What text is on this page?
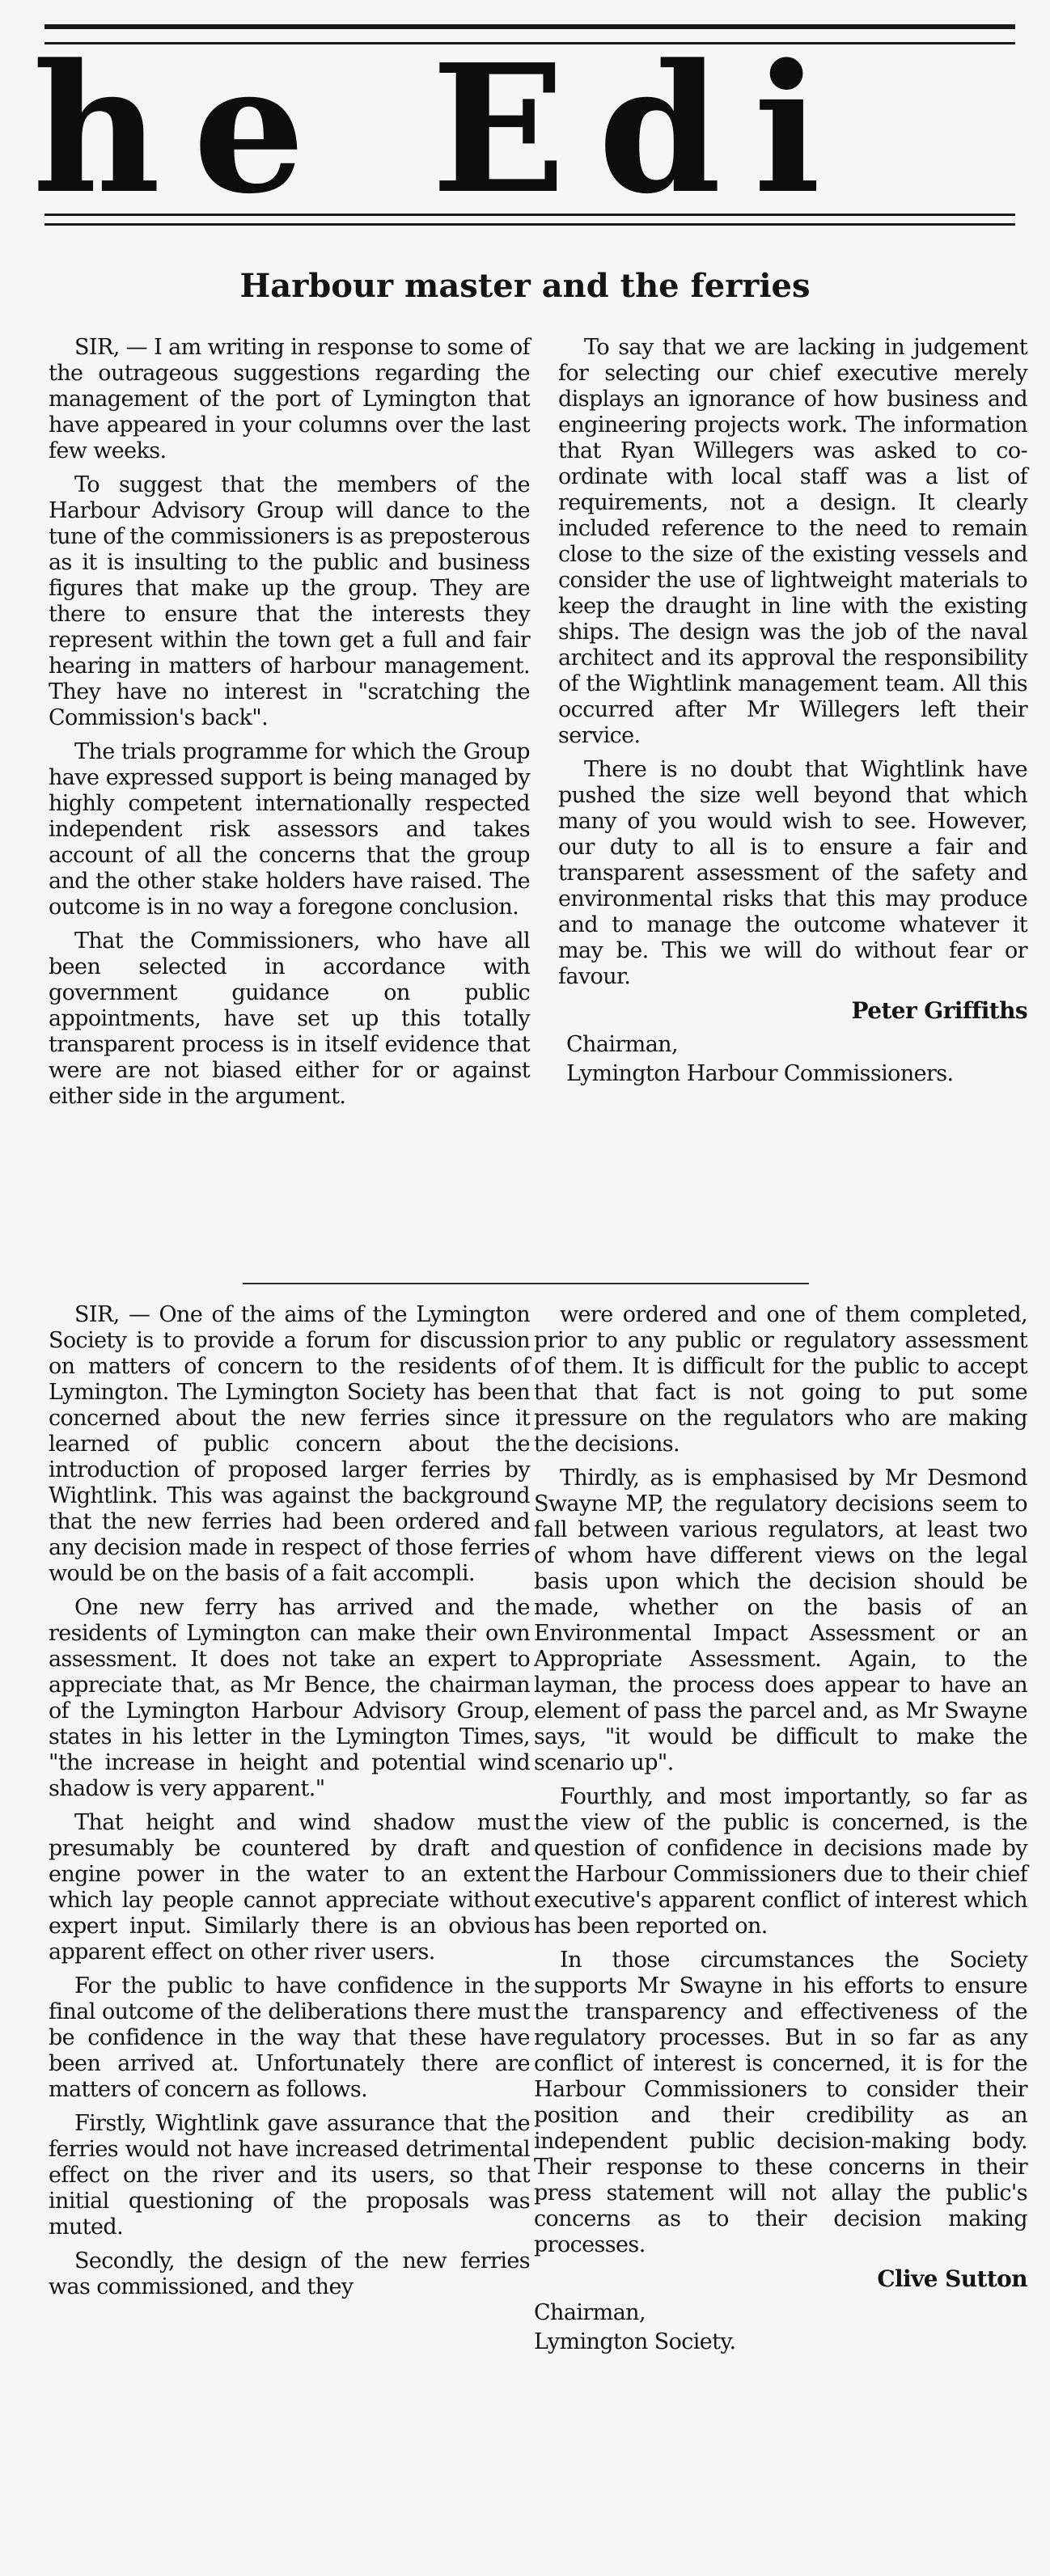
he Edi
Harbour master and the ferries

SIR, — I am writing in response to some of the outrageous suggestions regarding the management of the port of Lymington that have appeared in your columns over the last few weeks.

To suggest that the members of the Harbour Advisory Group will dance to the tune of the commissioners is as preposterous as it is insulting to the public and business figures that make up the group. They are there to ensure that the interests they represent within the town get a full and fair hearing in matters of harbour management. They have no interest in "scratching the Commission's back".

The trials programme for which the Group have expressed support is being managed by highly competent internationally respected independent risk assessors and takes account of all the concerns that the group and the other stake holders have raised. The outcome is in no way a foregone conclusion.

That the Commissioners, who have all been selected in accordance with government guidance on public appointments, have set up this totally transparent process is in itself evidence that were are not biased either for or against either side in the argument.

To say that we are lacking in judgement for selecting our chief executive merely displays an ignorance of how business and engineering projects work. The information that Ryan Willegers was asked to co-ordinate with local staff was a list of requirements, not a design. It clearly included reference to the need to remain close to the size of the existing vessels and consider the use of lightweight materials to keep the draught in line with the existing ships. The design was the job of the naval architect and its approval the responsibility of the Wightlink management team. All this occurred after Mr Willegers left their service.

There is no doubt that Wightlink have pushed the size well beyond that which many of you would wish to see. However, our duty to all is to ensure a fair and transparent assessment of the safety and environmental risks that this may produce and to manage the outcome whatever it may be. This we will do without fear or favour.

Peter Griffiths

Chairman,

Lymington Harbour Commissioners.

SIR, — One of the aims of the Lymington Society is to provide a forum for discussion on matters of concern to the residents of Lymington. The Lymington Society has been concerned about the new ferries since it learned of public concern about the introduction of proposed larger ferries by Wightlink. This was against the background that the new ferries had been ordered and any decision made in respect of those ferries would be on the basis of a fait accompli.

One new ferry has arrived and the residents of Lymington can make their own assessment. It does not take an expert to appreciate that, as Mr Bence, the chairman of the Lymington Harbour Advisory Group, states in his letter in the Lymington Times, "the increase in height and potential wind shadow is very apparent."

That height and wind shadow must presumably be countered by draft and engine power in the water to an extent which lay people cannot appreciate without expert input. Similarly there is an obvious apparent effect on other river users.

For the public to have confidence in the final outcome of the deliberations there must be confidence in the way that these have been arrived at. Unfortunately there are matters of concern as follows.

Firstly, Wightlink gave assurance that the ferries would not have increased detrimental effect on the river and its users, so that initial questioning of the proposals was muted.

Secondly, the design of the new ferries was commissioned, and they

were ordered and one of them completed, prior to any public or regulatory assessment of them. It is difficult for the public to accept that that fact is not going to put some pressure on the regulators who are making the decisions.

Thirdly, as is emphasised by Mr Desmond Swayne MP, the regulatory decisions seem to fall between various regulators, at least two of whom have different views on the legal basis upon which the decision should be made, whether on the basis of an Environmental Impact Assessment or an Appropriate Assessment. Again, to the layman, the process does appear to have an element of pass the parcel and, as Mr Swayne says, "it would be difficult to make the scenario up".

Fourthly, and most importantly, so far as the view of the public is concerned, is the question of confidence in decisions made by the Harbour Commissioners due to their chief executive's apparent conflict of interest which has been reported on.

In those circumstances the Society supports Mr Swayne in his efforts to ensure the transparency and effectiveness of the regulatory processes. But in so far as any conflict of interest is concerned, it is for the Harbour Commissioners to consider their position and their credibility as an independent public decision-making body. Their response to these concerns in their press statement will not allay the public's concerns as to their decision making processes.

Clive Sutton

Chairman,

Lymington Society.
